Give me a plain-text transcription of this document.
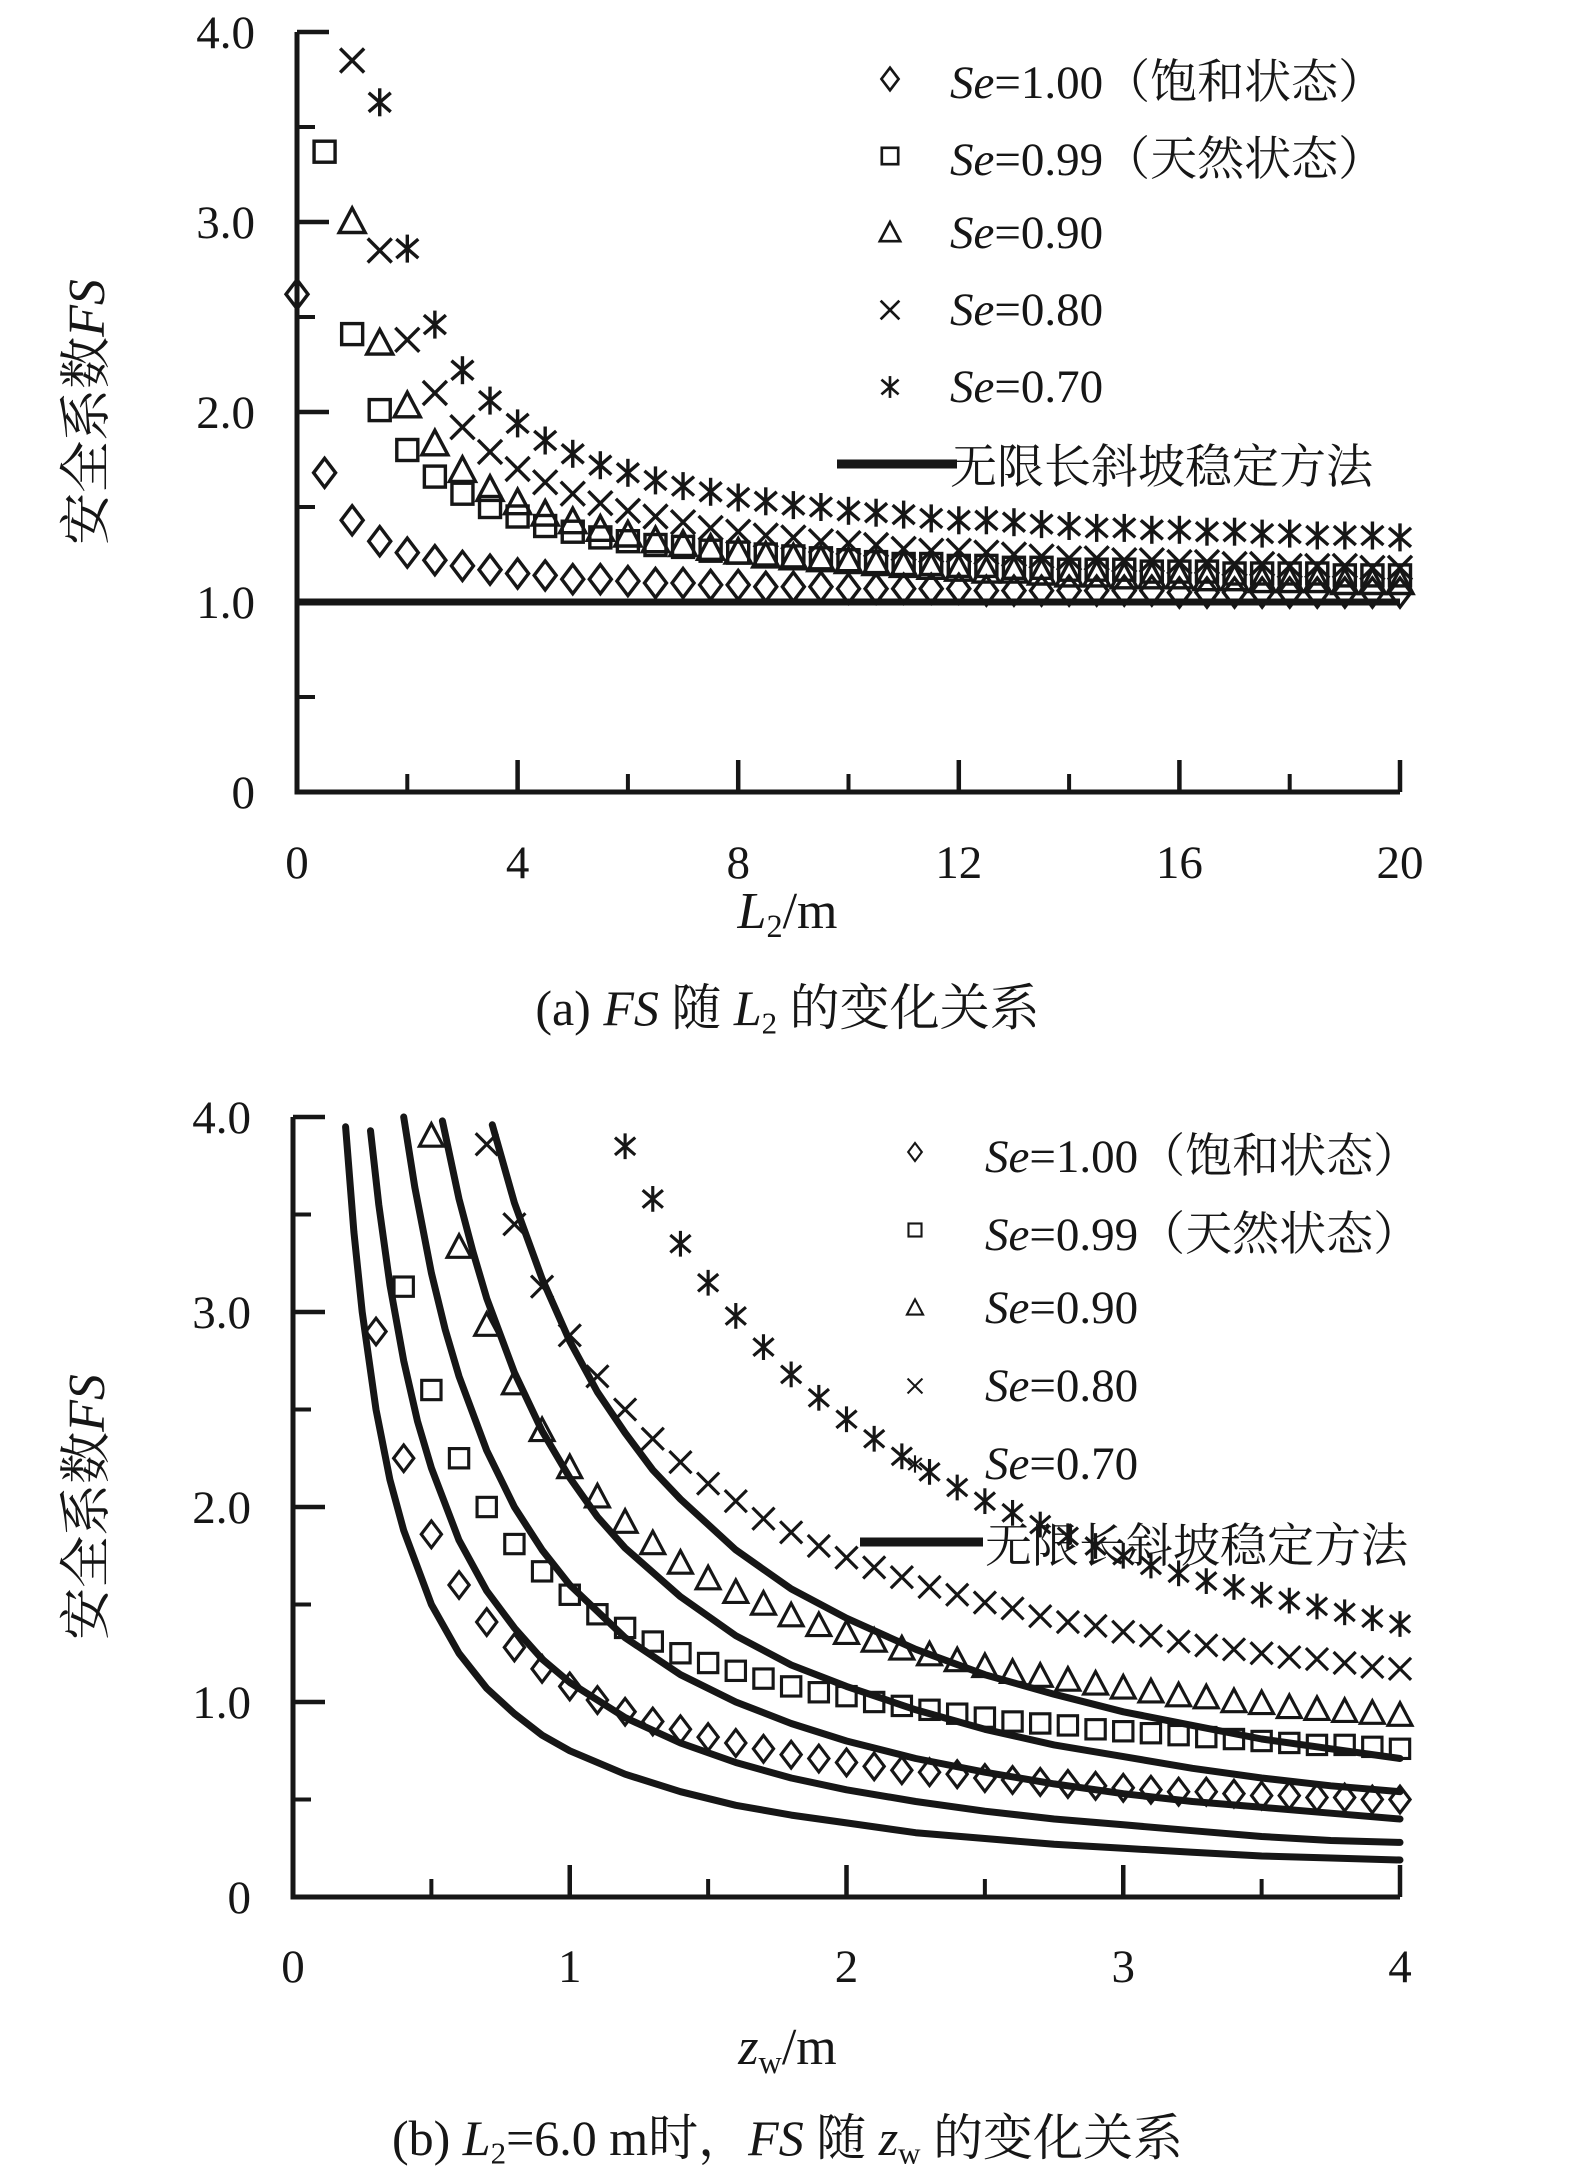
0
1.0
2.0
3.0
4.0
0	4	8	12	16	20
0
1.0
2.0
3.0
4.0
0	1	2	3	4
安全系数FS
Se=1.00（饱和状态）
Se=0.99（天然状态）
Se=0.90
Se=0.80
Se=0.70
无限长斜坡稳定方法
L2/m
(a) FS 随 L2 的变化关系
安全系数FS
Se=1.00（饱和状态）
Se=0.99（天然状态）
Se=0.90
Se=0.80
Se=0.70
无限长斜坡稳定方法
zw/m
(b) L2=6.0 m时，FS 随 zw 的变化关系
